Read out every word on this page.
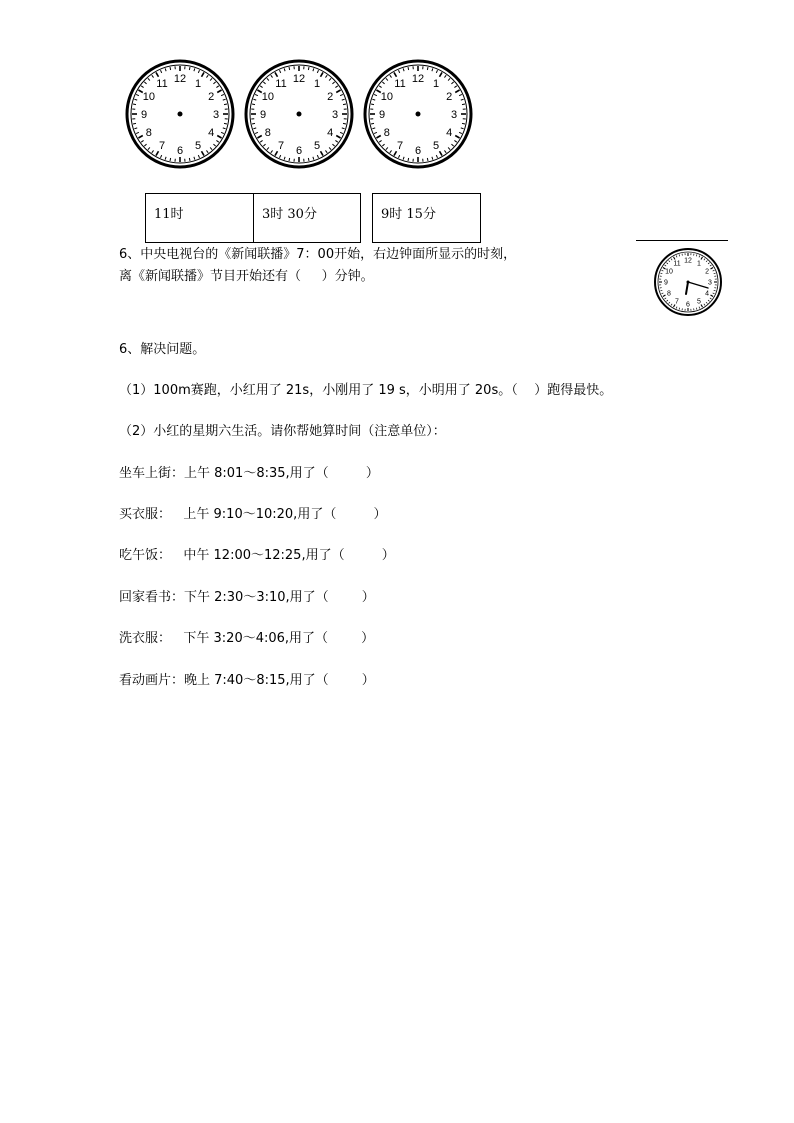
12 1
2
3
4
5
6
7
8
9
10
11	12 1
2
3
4
5
6
7
8
9
10
11	12 1
2
3
4
5
6
7
8
9
10
11
11时	3时 30分	9时 15分
6、中央电视台的《新闻联播》7：00开始，右边钟面所显示的时刻，
离《新闻联播》节目开始还有（     ）分钟。
12 1
2
3
4
5
6
7
8
9
10
11
6、解决问题。
（1）100m赛跑，小红用了 21s，小刚用了 19 s，小明用了 20s。（    ）跑得最快。
（2）小红的星期六生活。请你帮她算时间（注意单位）：
坐车上街：上午 8:01～8:35,用了（         ）
买衣服：   上午 9:10～10:20,用了（         ）
吃午饭：   中午 12:00～12:25,用了（         ）
回家看书：下午 2:30～3:10,用了（        ）
洗衣服：   下午 3:20～4:06,用了（        ）
看动画片：晚上 7:40～8:15,用了（        ）
